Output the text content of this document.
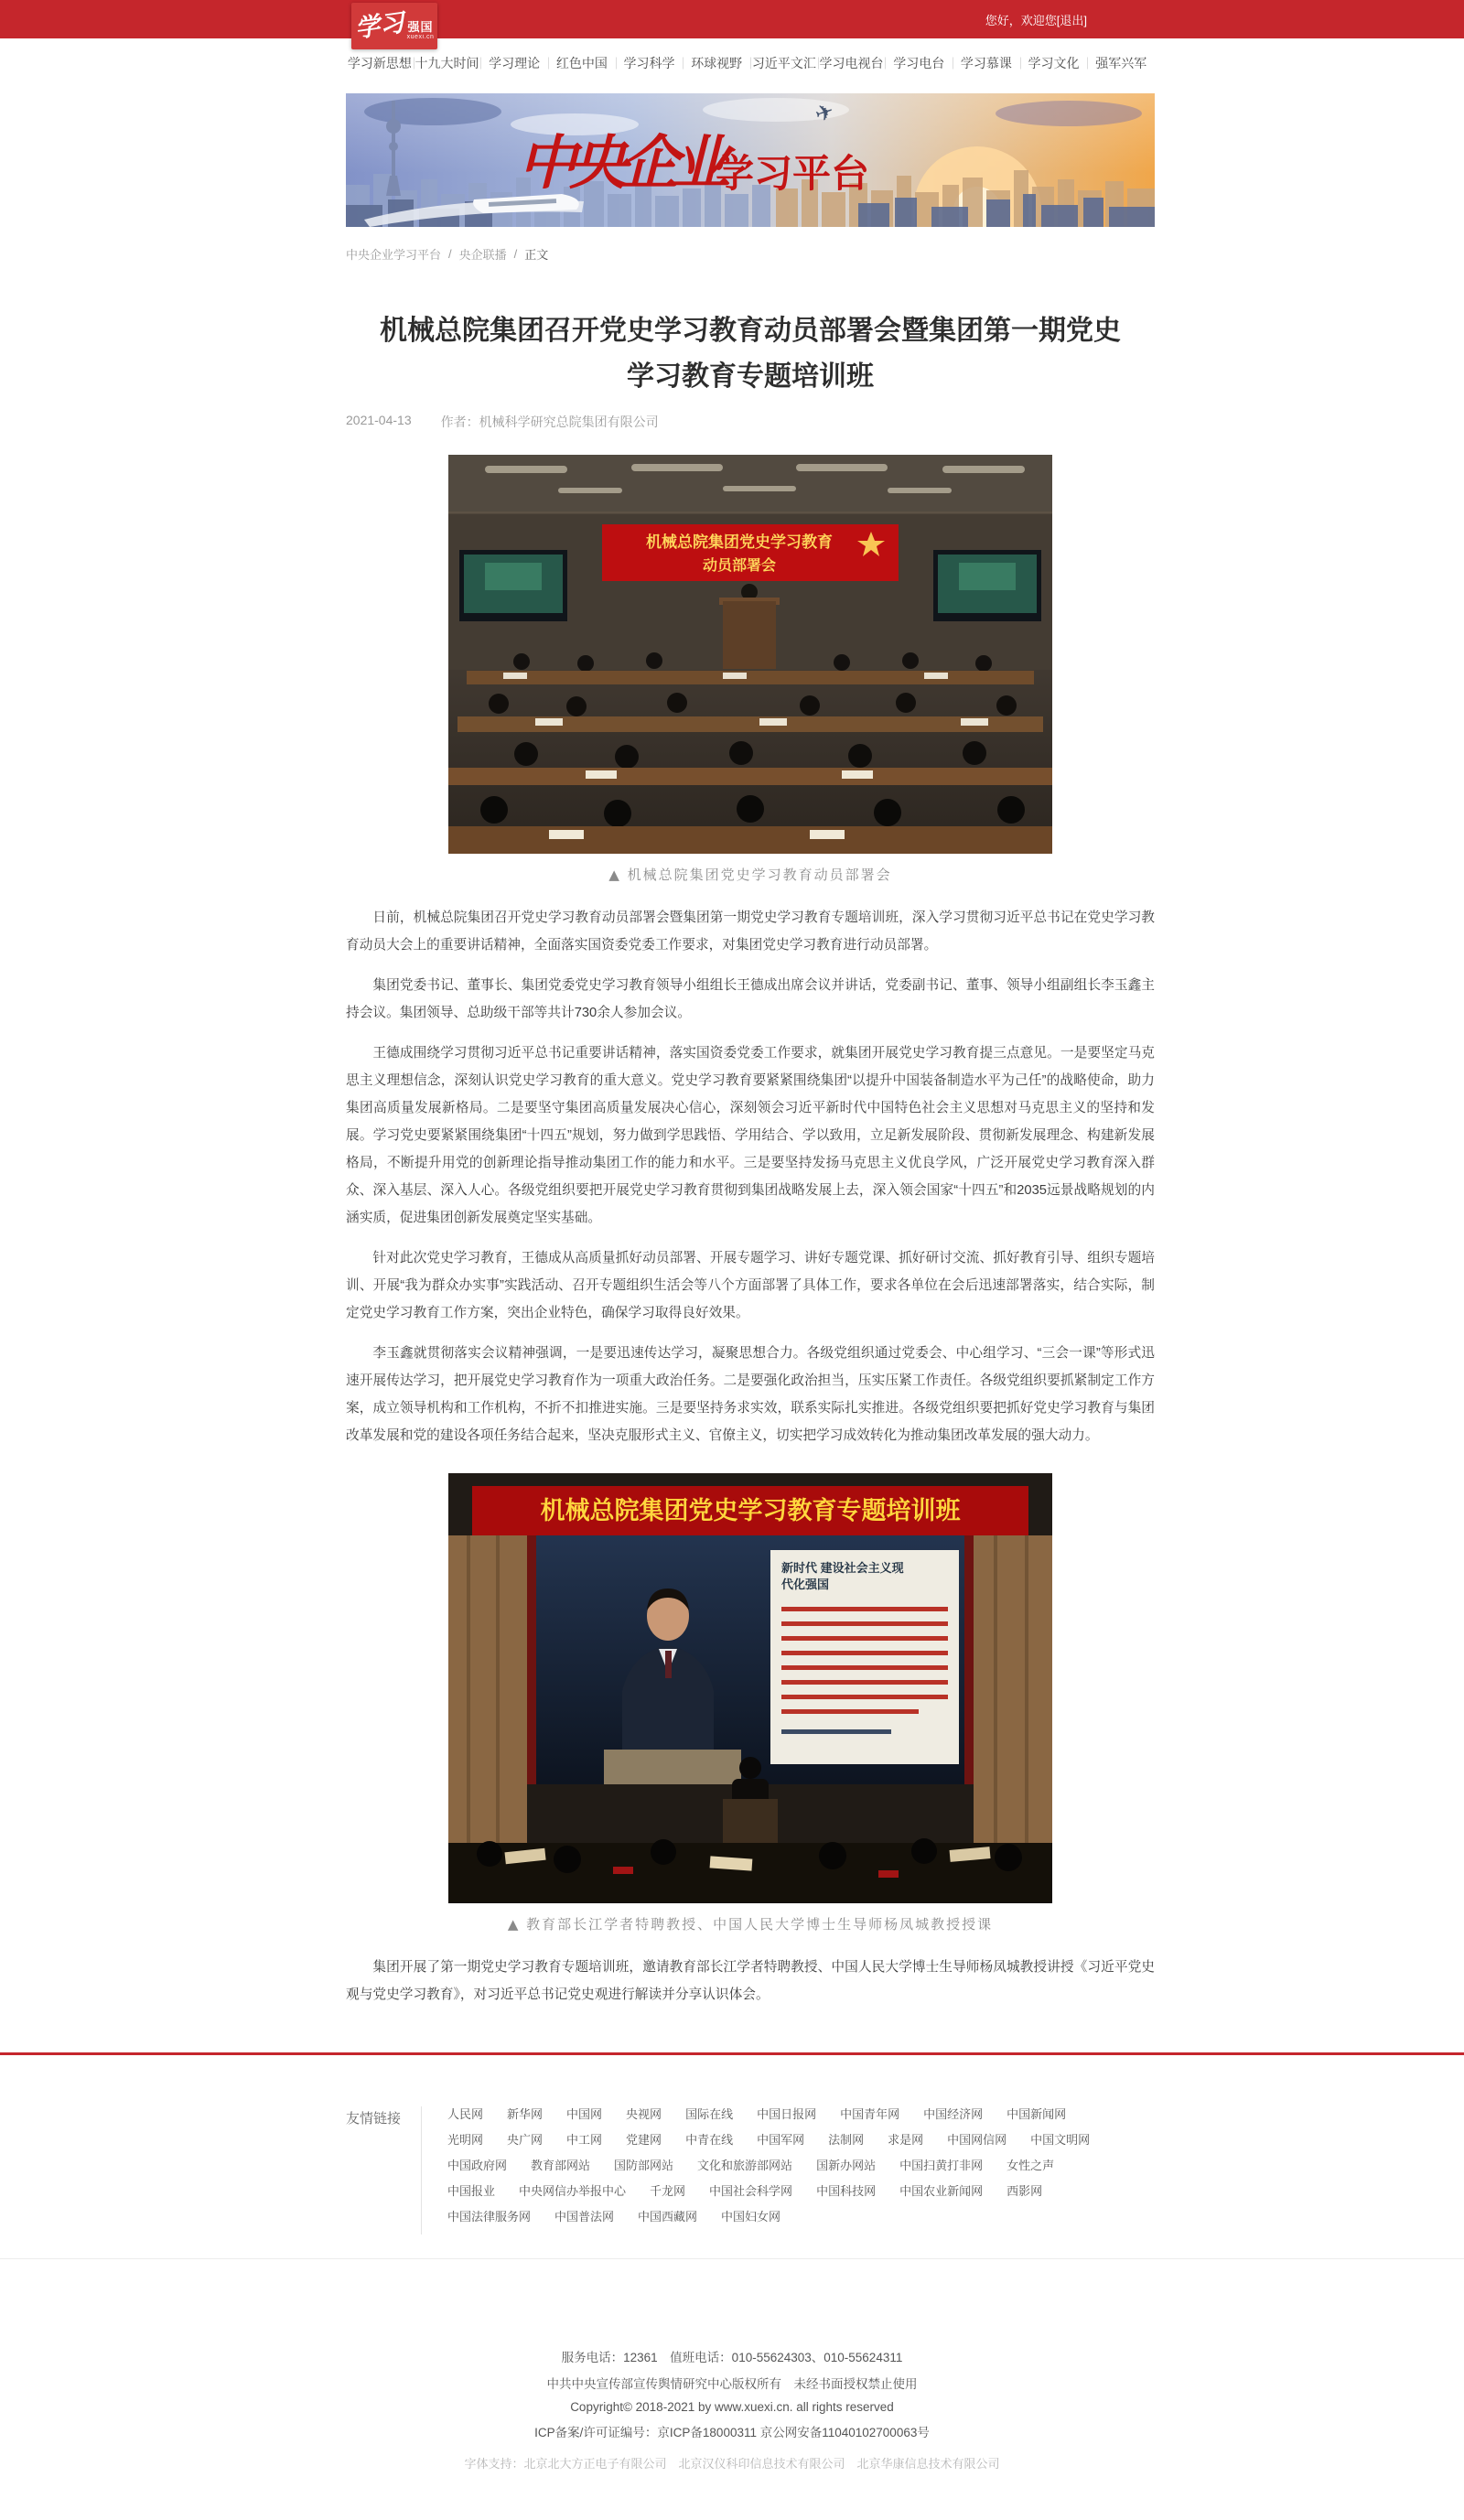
学习 强国
xuexi.cn
您好，欢迎您 [退出]
学习新思想 十九大时间 学习理论	红色中国	学习科学	环球视野 习近平文汇 学习电视台 学习电台	学习慕课	学习文化	强军兴军
✈
中央企业
学习平台
中央企业学习平台 / 央企联播 / 正文
机械总院集团召开党史学习教育动员部署会暨集团第一期党史学习教育专题培训班
2021-04-13 作者：机械科学研究总院集团有限公司
机械总院集团党史学习教育
动员部署会
▲ 机械总院集团党史学习教育动员部署会

日前，机械总院集团召开党史学习教育动员部署会暨集团第一期党史学习教育专题培训班，深入学习贯彻习近平总书记在党史学习教育动员大会上的重要讲话精神，全面落实国资委党委工作要求，对集团党史学习教育进行动员部署。

集团党委书记、董事长、集团党委党史学习教育领导小组组长王德成出席会议并讲话，党委副书记、董事、领导小组副组长李玉鑫主持会议。集团领导、总助级干部等共计730余人参加会议。

王德成围绕学习贯彻习近平总书记重要讲话精神，落实国资委党委工作要求，就集团开展党史学习教育提三点意见。一是要坚定马克思主义理想信念，深刻认识党史学习教育的重大意义。党史学习教育要紧紧围绕集团“以提升中国装备制造水平为己任”的战略使命，助力集团高质量发展新格局。二是要坚守集团高质量发展决心信心，深刻领会习近平新时代中国特色社会主义思想对马克思主义的坚持和发展。学习党史要紧紧围绕集团“十四五”规划，努力做到学思践悟、学用结合、学以致用，立足新发展阶段、贯彻新发展理念、构建新发展格局，不断提升用党的创新理论指导推动集团工作的能力和水平。三是要坚持发扬马克思主义优良学风，广泛开展党史学习教育深入群众、深入基层、深入人心。各级党组织要把开展党史学习教育贯彻到集团战略发展上去，深入领会国家“十四五”和2035远景战略规划的内涵实质，促进集团创新发展奠定坚实基础。

针对此次党史学习教育，王德成从高质量抓好动员部署、开展专题学习、讲好专题党课、抓好研讨交流、抓好教育引导、组织专题培训、开展“我为群众办实事”实践活动、召开专题组织生活会等八个方面部署了具体工作，要求各单位在会后迅速部署落实，结合实际，制定党史学习教育工作方案，突出企业特色，确保学习取得良好效果。

李玉鑫就贯彻落实会议精神强调，一是要迅速传达学习，凝聚思想合力。各级党组织通过党委会、中心组学习、“三会一课”等形式迅速开展传达学习，把开展党史学习教育作为一项重大政治任务。二是要强化政治担当，压实压紧工作责任。各级党组织要抓紧制定工作方案，成立领导机构和工作机构，不折不扣推进实施。三是要坚持务求实效，联系实际扎实推进。各级党组织要把抓好党史学习教育与集团改革发展和党的建设各项任务结合起来，坚决克服形式主义、官僚主义，切实把学习成效转化为推动集团改革发展的强大动力。

机械总院集团党史学习教育专题培训班
新时代 建设社会主义现
代化强国
▲ 教育部长江学者特聘教授、中国人民大学博士生导师杨凤城教授授课

集团开展了第一期党史学习教育专题培训班，邀请教育部长江学者特聘教授、中国人民大学博士生导师杨凤城教授讲授《习近平党史观与党史学习教育》，对习近平总书记党史观进行解读并分享认识体会。

友情链接	人民网 新华网 中国网 央视网 国际在线 中国日报网 中国青年网 中国经济网 中国新闻网
光明网 央广网 中工网 党建网 中青在线 中国军网 法制网 求是网 中国网信网 中国文明网
中国政府网 教育部网站 国防部网站 文化和旅游部网站 国新办网站 中国扫黄打非网 女性之声
中国报业 中央网信办举报中心 千龙网 中国社会科学网 中国科技网 中国农业新闻网 西影网
中国法律服务网 中国普法网 中国西藏网 中国妇女网
服务电话：12361　值班电话：010-55624303、010-55624311
中共中央宣传部宣传舆情研究中心版权所有　未经书面授权禁止使用
Copyright© 2018-2021 by www.xuexi.cn. all rights reserved
ICP备案/许可证编号：京ICP备18000311 京公网安备11040102700063号
字体支持：北京北大方正电子有限公司　北京汉仪科印信息技术有限公司　北京华康信息技术有限公司
